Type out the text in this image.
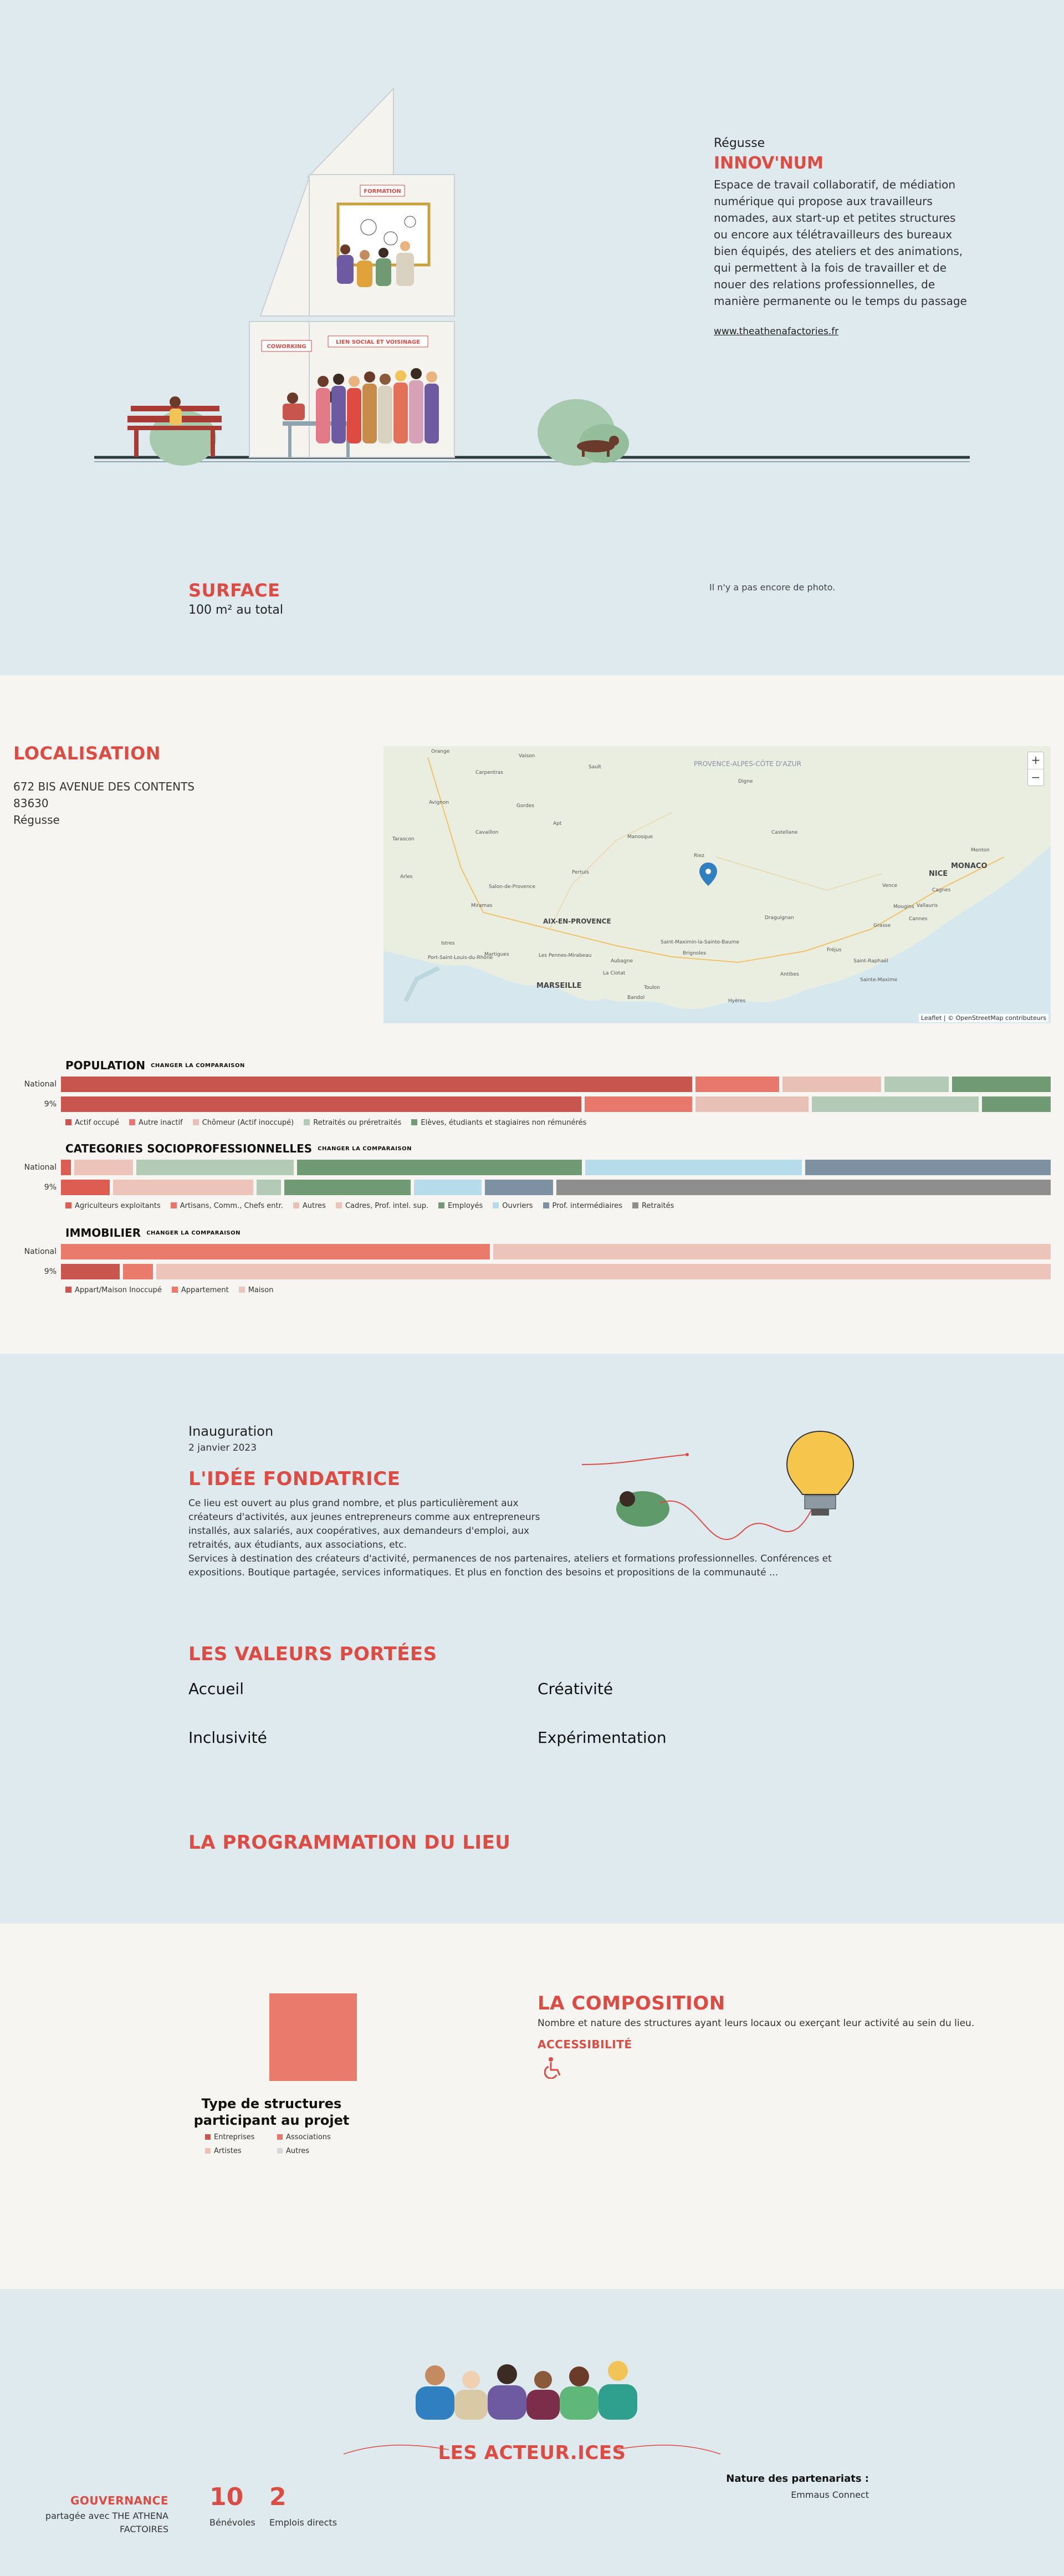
FORMATION
COWORKING
LIEN SOCIAL ET VOISINAGE
Régusse
INNOV'NUM
Espace de travail collaboratif, de médiation numérique qui propose aux travailleurs nomades, aux start-up et petites structures ou encore aux télétravailleurs des bureaux bien équipés, des ateliers et des animations, qui permettent à la fois de travailler et de nouer des relations professionnelles, de manière permanente ou le temps du passage
www.theathenafactories.fr
SURFACE
100 m² au total
Il n'y a pas encore de photo.
LOCALISATION
672 BIS AVENUE DES CONTENTS
83630
Régusse
Orange
Carpentras
Avignon
Cavaillon
Apt
Manosque
Castellane
Pertuis
Salon-de-Provence
Arles
Tarascon
Miramas
Istres
Port-Saint-Louis-du-Rhône
Martigues	Les Pennes-Mirabeau
Aubagne
Brignoles
Saint-Maximin-la-Sainte-Baume
Draguignan
Fréjus
Saint-Raphaël
Grasse
Mougins
Vence
Vallauris
Cannes
Cagnes
Menton
Sainte-Maxime
Antibes
Hyères
Toulon
La Ciotat
Bandol
Gordes
Riez
Sault
Vaison
Digne
PROVENCE-ALPES-CÔTE D'AZUR
AIX-EN-PROVENCE
MARSEILLE
NICE
MONACO
+
−
Leaflet | © OpenStreetMap contributeurs
POPULATION CHANGER LA COMPARAISON
National
9%
Actif occupé	Autre inactif	Chômeur (Actif inoccupé)	Retraités ou préretraités	Elèves, étudiants et stagiaires non rémunérés
CATEGORIES SOCIOPROFESSIONNELLES CHANGER LA COMPARAISON
National
9%
Agriculteurs exploitants	Artisans, Comm., Chefs entr.	Autres	Cadres, Prof. intel. sup.	Employés	Ouvriers	Prof. intermédiaires	Retraités
IMMOBILIER CHANGER LA COMPARAISON
National
9%
Appart/Maison Inoccupé	Appartement	Maison
Inauguration
2 janvier 2023
L'IDÉE FONDATRICE
Ce lieu est ouvert au plus grand nombre, et plus particulièrement aux créateurs d'activités, aux jeunes entrepreneurs comme aux entrepreneurs installés, aux salariés, aux coopératives, aux demandeurs d'emploi, aux retraités, aux étudiants, aux associations, etc.
Services à destination des créateurs d'activité, permanences de nos partenaires, ateliers et formations professionnelles. Conférences et expositions. Boutique partagée, services informatiques. Et plus en fonction des besoins et propositions de la communauté ...
LES VALEURS PORTÉES
Accueil	Créativité
Inclusivité	Expérimentation
LA PROGRAMMATION DU LIEU
Type de structures participant au projet
Entreprises	Associations
Artistes	Autres
LA COMPOSITION
Nombre et nature des structures ayant leurs locaux ou exerçant leur activité au sein du lieu.
ACCESSIBILITÉ
LES ACTEUR.ICES
GOUVERNANCE
partagée avec THE ATHENA FACTOIRES
10
Bénévoles
2
Emplois directs
Nature des partenariats :
Emmaus Connect
